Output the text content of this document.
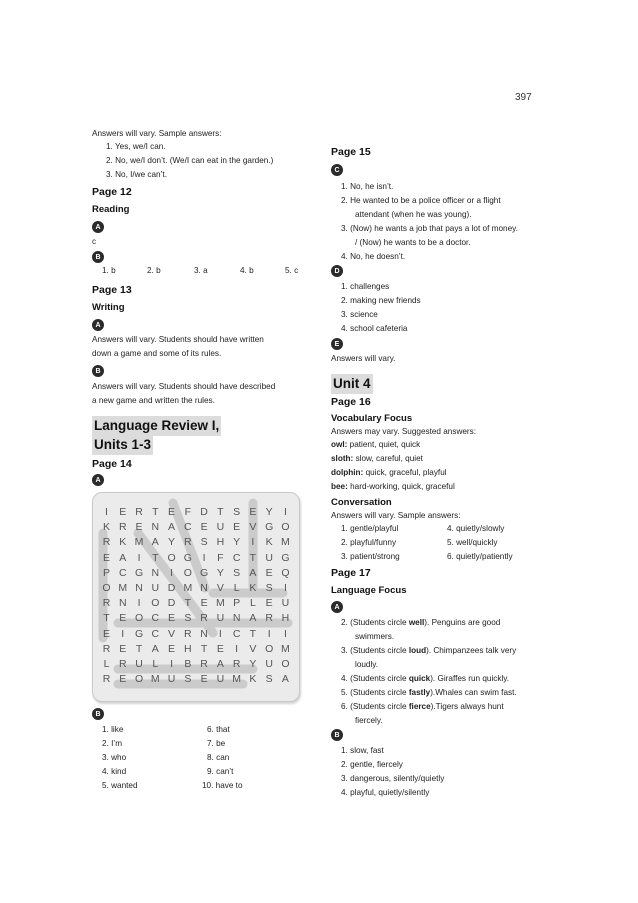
397
Answers will vary. Sample answers:
1. Yes, we/I can.
2. No, we/I don’t. (We/I can eat in the garden.)
3. No, I/we can’t.
Page 12
Reading
A
c
B
1. b	2. b	3. a	4. b	5. c
Page 13
Writing
A
Answers will vary. Students should have written
down a game and some of its rules.
B
Answers will vary. Students should have described
a new game and written the rules.
Language Review I,
Units 1-3
Page 14
A
I	E R T E F D T S E Y	I
K R E N A C E U E V G O
R K M A Y R S H Y	I	K M
E A	I	T O G	I	F C T U G
P C G N	I	O G Y S A E Q
O M N U D M N V L K S	I
R N	I	O D T E M P L E U
T E O C E S R U N A R H
E	I	G C V R N	I	C T	I	I
R E T A E H T E	I	V O M
L R U L	I	B R A R Y U O
R E O M U S E U M K S A
B
1. like
2. I’m
3. who
4. kind
5. wanted
6. that
7. be
8. can
9. can’t
10. have to
Page 15
C
1. No, he isn’t.
2. He wanted to be a police officer or a flight
attendant (when he was young).
3. (Now) he wants a job that pays a lot of money.
/ (Now) he wants to be a doctor.
4. No, he doesn’t.
D
1. challenges
2. making new friends
3. science
4. school cafeteria
E
Answers will vary.
Unit 4
Page 16
Vocabulary Focus
Answers may vary. Suggested answers:
owl: patient, quiet, quick
sloth: slow, careful, quiet
dolphin: quick, graceful, playful
bee: hard-working, quick, graceful
Conversation
Answers will vary. Sample answers:
1. gentle/playful
2. playful/funny
3. patient/strong
4. quietly/slowly
5. well/quickly
6. quietly/patiently
Page 17
Language Focus
A
2. (Students circle well). Penguins are good
swimmers.
3. (Students circle loud). Chimpanzees talk very
loudly.
4. (Students circle quick). Giraffes run quickly.
5. (Students circle fastly).Whales can swim fast.
6. (Students circle fierce).Tigers always hunt
fiercely.
B
1. slow, fast
2. gentle, fiercely
3. dangerous, silently/quietly
4. playful, quietly/silently
